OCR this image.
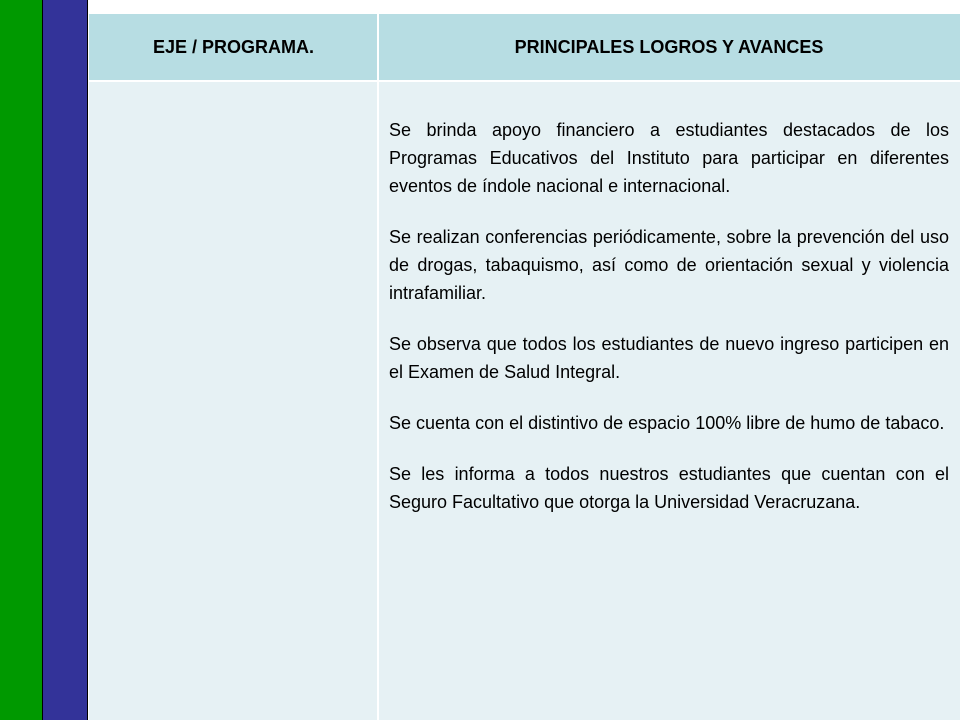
EJE / PROGRAMA.	PRINCIPALES LOGROS Y AVANCES

Se brinda apoyo financiero a estudiantes destacados de los Programas Educativos del Instituto para participar en diferentes eventos de índole nacional e internacional.

Se realizan conferencias periódicamente, sobre la prevención del uso de drogas, tabaquismo, así como de orientación sexual y violencia intrafamiliar.

Se observa que todos los estudiantes de nuevo ingreso participen en el Examen de Salud Integral.

Se cuenta con el distintivo de espacio 100% libre de humo de tabaco.

Se les informa a todos nuestros estudiantes que cuentan con el Seguro Facultativo que otorga la Universidad Veracruzana.
